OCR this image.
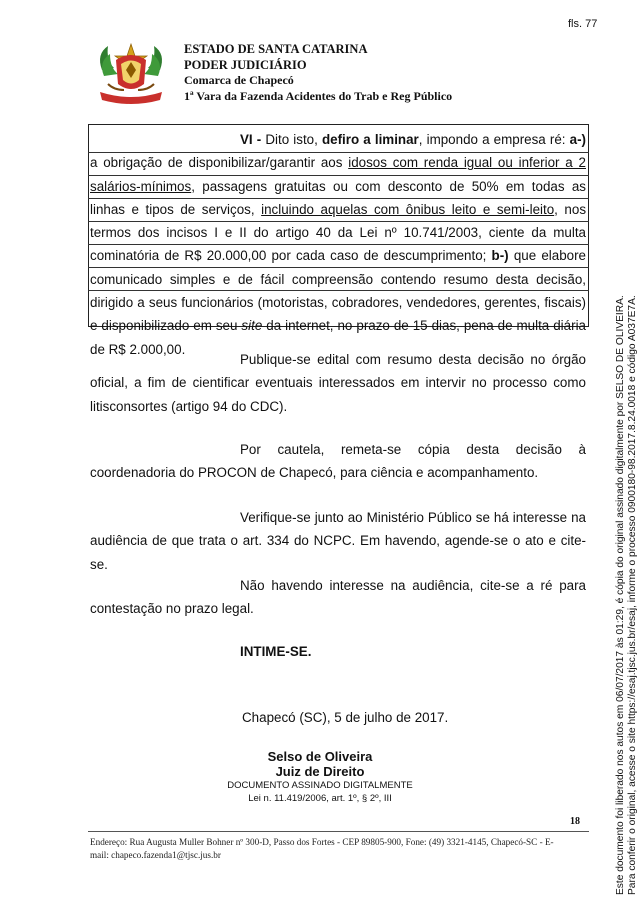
fls. 77
ESTADO DE SANTA CATARINA
PODER JUDICIÁRIO
Comarca de Chapecó
1ª Vara da Fazenda Acidentes do Trab e Reg Público
VI - Dito isto, defiro a liminar, impondo a empresa ré: a-) a obrigação de disponibilizar/garantir aos idosos com renda igual ou inferior a 2 salários-mínimos, passagens gratuitas ou com desconto de 50% em todas as linhas e tipos de serviços, incluindo aquelas com ônibus leito e semi-leito, nos termos dos incisos I e II do artigo 40 da Lei nº 10.741/2003, ciente da multa cominatória de R$ 20.000,00 por cada caso de descumprimento; b-) que elabore comunicado simples e de fácil compreensão contendo resumo desta decisão, dirigido a seus funcionários (motoristas, cobradores, vendedores, gerentes, fiscais) e disponibilizado em seu site da internet, no prazo de 15 dias, pena de multa diária de R$ 2.000,00.
Publique-se edital com resumo desta decisão no órgão oficial, a fim de cientificar eventuais interessados em intervir no processo como litisconsortes (artigo 94 do CDC).
Por cautela, remeta-se cópia desta decisão à coordenadoria do PROCON de Chapecó, para ciência e acompanhamento.
Verifique-se junto ao Ministério Público se há interesse na audiência de que trata o art. 334 do NCPC. Em havendo, agende-se o ato e cite-se.
Não havendo interesse na audiência, cite-se a ré para contestação no prazo legal.
INTIME-SE.
Chapecó (SC), 5 de julho de 2017.
Selso de Oliveira
Juiz de Direito
DOCUMENTO ASSINADO DIGITALMENTE
Lei n. 11.419/2006, art. 1º, § 2º, III
18
Endereço: Rua Augusta Muller Bohner nº 300-D, Passo dos Fortes - CEP 89805-900, Fone: (49) 3321-4145, Chapecó-SC - E-mail: chapeco.fazenda1@tjsc.jus.br	Este documento foi liberado nos autos em 06/07/2017 às 01:29, é cópia do original assinado digitalmente por SELSO DE OLIVEIRA. Para conferir o original, acesse o site https://esaj.tjsc.jus.br/esaj, informe o processo 0900180-98.2017.8.24.0018 e código A037E7A.
